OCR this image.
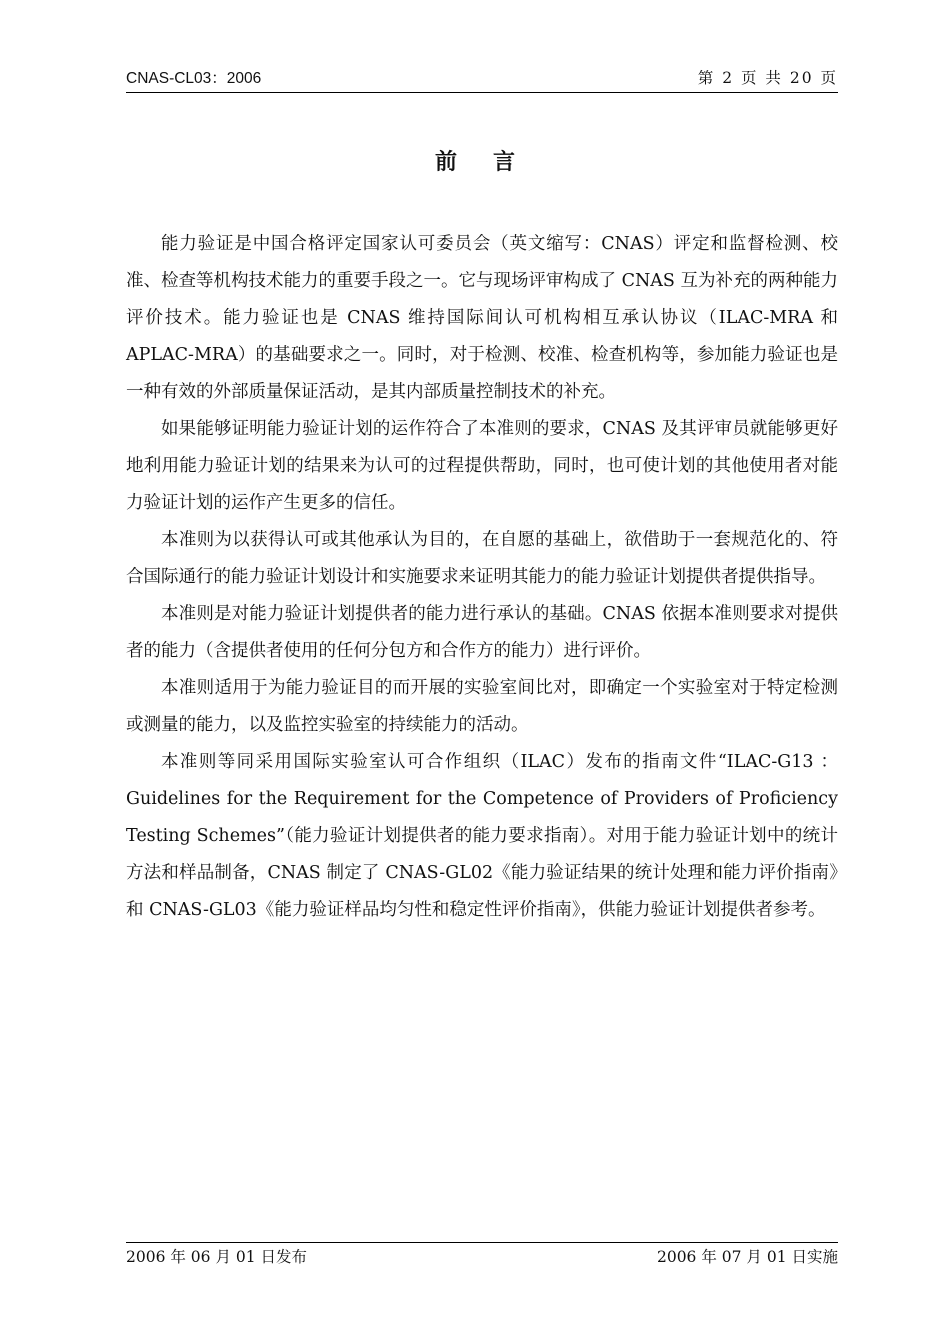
CNAS-CL03：2006	第 2 页 共 20 页
前言

能力验证是中国合格评定国家认可委员会（英文缩写：CNAS）评定和监督检测、校准、检查等机构技术能力的重要手段之一。它与现场评审构成了 CNAS 互为补充的两种能力评价技术。能力验证也是 CNAS 维持国际间认可机构相互承认协议（ILAC-MRA 和 APLAC-MRA）的基础要求之一。同时，对于检测、校准、检查机构等，参加能力验证也是一种有效的外部质量保证活动，是其内部质量控制技术的补充。

如果能够证明能力验证计划的运作符合了本准则的要求，CNAS 及其评审员就能够更好地利用能力验证计划的结果来为认可的过程提供帮助，同时，也可使计划的其他使用者对能力验证计划的运作产生更多的信任。

本准则为以获得认可或其他承认为目的，在自愿的基础上，欲借助于一套规范化的、符合国际通行的能力验证计划设计和实施要求来证明其能力的能力验证计划提供者提供指导。

本准则是对能力验证计划提供者的能力进行承认的基础。CNAS 依据本准则要求对提供者的能力（含提供者使用的任何分包方和合作方的能力）进行评价。

本准则适用于为能力验证目的而开展的实验室间比对，即确定一个实验室对于特定检测或测量的能力，以及监控实验室的持续能力的活动。

本准则等同采用国际实验室认可合作组织（ILAC）发布的指南文件“ILAC-G13 ：Guidelines for the Requirement for the Competence of Providers of Proficiency Testing Schemes”（能力验证计划提供者的能力要求指南）。对用于能力验证计划中的统计方法和样品制备，CNAS 制定了 CNAS-GL02《能力验证结果的统计处理和能力评价指南》和 CNAS-GL03《能力验证样品均匀性和稳定性评价指南》，供能力验证计划提供者参考。

2006 年 06 月 01 日发布	2006 年 07 月 01 日实施
